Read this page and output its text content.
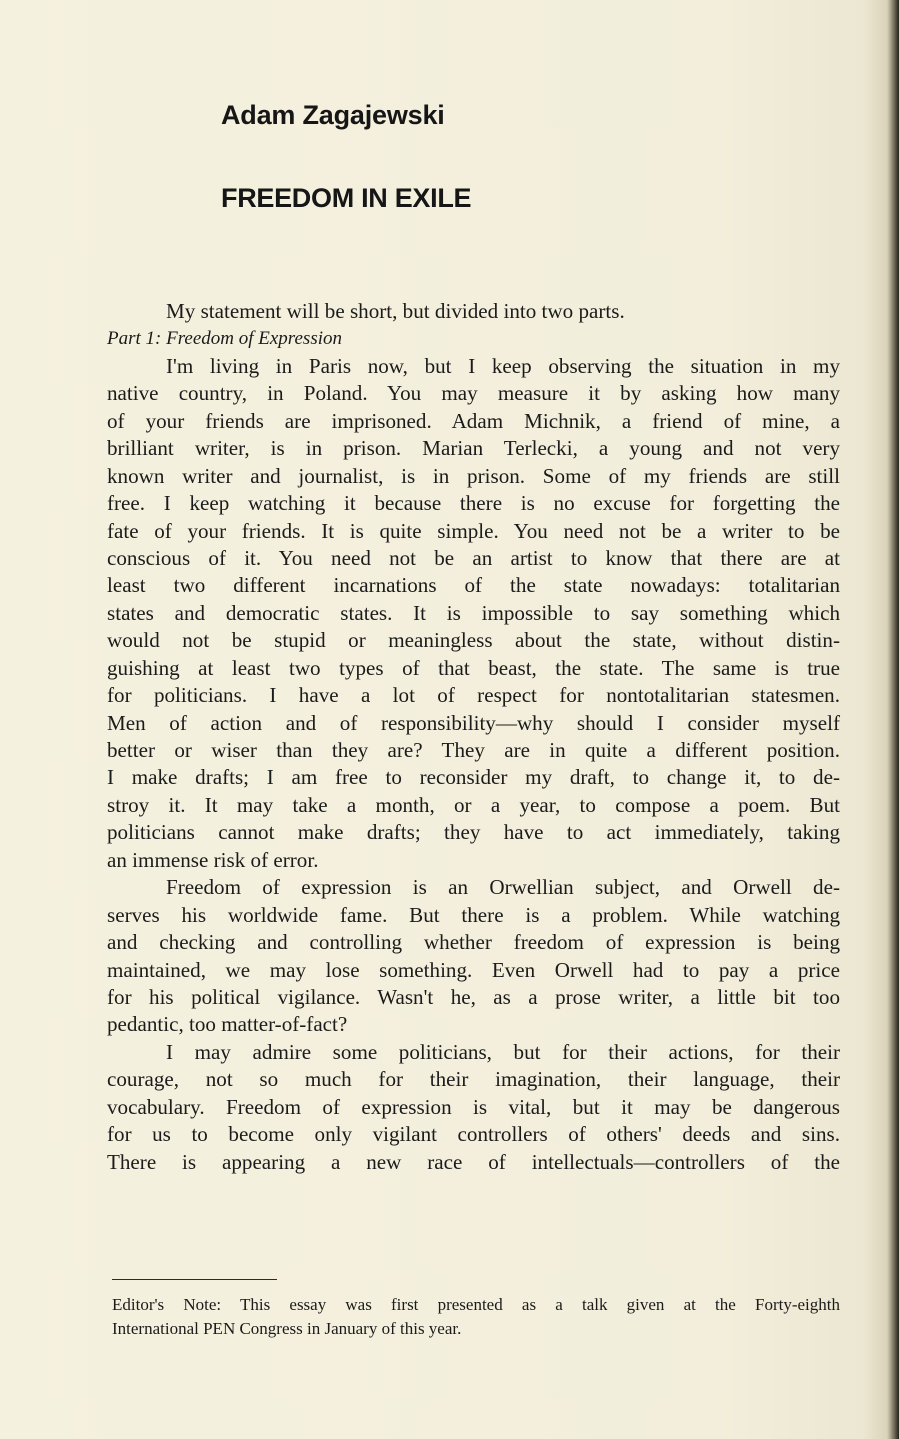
Adam Zagajewski
FREEDOM IN EXILE
My statement will be short, but divided into two parts.
Part 1: Freedom of Expression
I'm living in Paris now, but I keep observing the situation in my
native country, in Poland. You may measure it by asking how many
of your friends are imprisoned. Adam Michnik, a friend of mine, a
brilliant writer, is in prison. Marian Terlecki, a young and not very
known writer and journalist, is in prison. Some of my friends are still
free. I keep watching it because there is no excuse for forgetting the
fate of your friends. It is quite simple. You need not be a writer to be
conscious of it. You need not be an artist to know that there are at
least two different incarnations of the state nowadays: totalitarian
states and democratic states. It is impossible to say something which
would not be stupid or meaningless about the state, without distin-
guishing at least two types of that beast, the state. The same is true
for politicians. I have a lot of respect for nontotalitarian statesmen.
Men of action and of responsibility—why should I consider myself
better or wiser than they are? They are in quite a different position.
I make drafts; I am free to reconsider my draft, to change it, to de-
stroy it. It may take a month, or a year, to compose a poem. But
politicians cannot make drafts; they have to act immediately, taking
an immense risk of error.
Freedom of expression is an Orwellian subject, and Orwell de-
serves his worldwide fame. But there is a problem. While watching
and checking and controlling whether freedom of expression is being
maintained, we may lose something. Even Orwell had to pay a price
for his political vigilance. Wasn't he, as a prose writer, a little bit too
pedantic, too matter-of-fact?
I may admire some politicians, but for their actions, for their
courage, not so much for their imagination, their language, their
vocabulary. Freedom of expression is vital, but it may be dangerous
for us to become only vigilant controllers of others' deeds and sins.
There is appearing a new race of intellectuals—controllers of the
Editor's Note: This essay was first presented as a talk given at the Forty-eighth
International PEN Congress in January of this year.
